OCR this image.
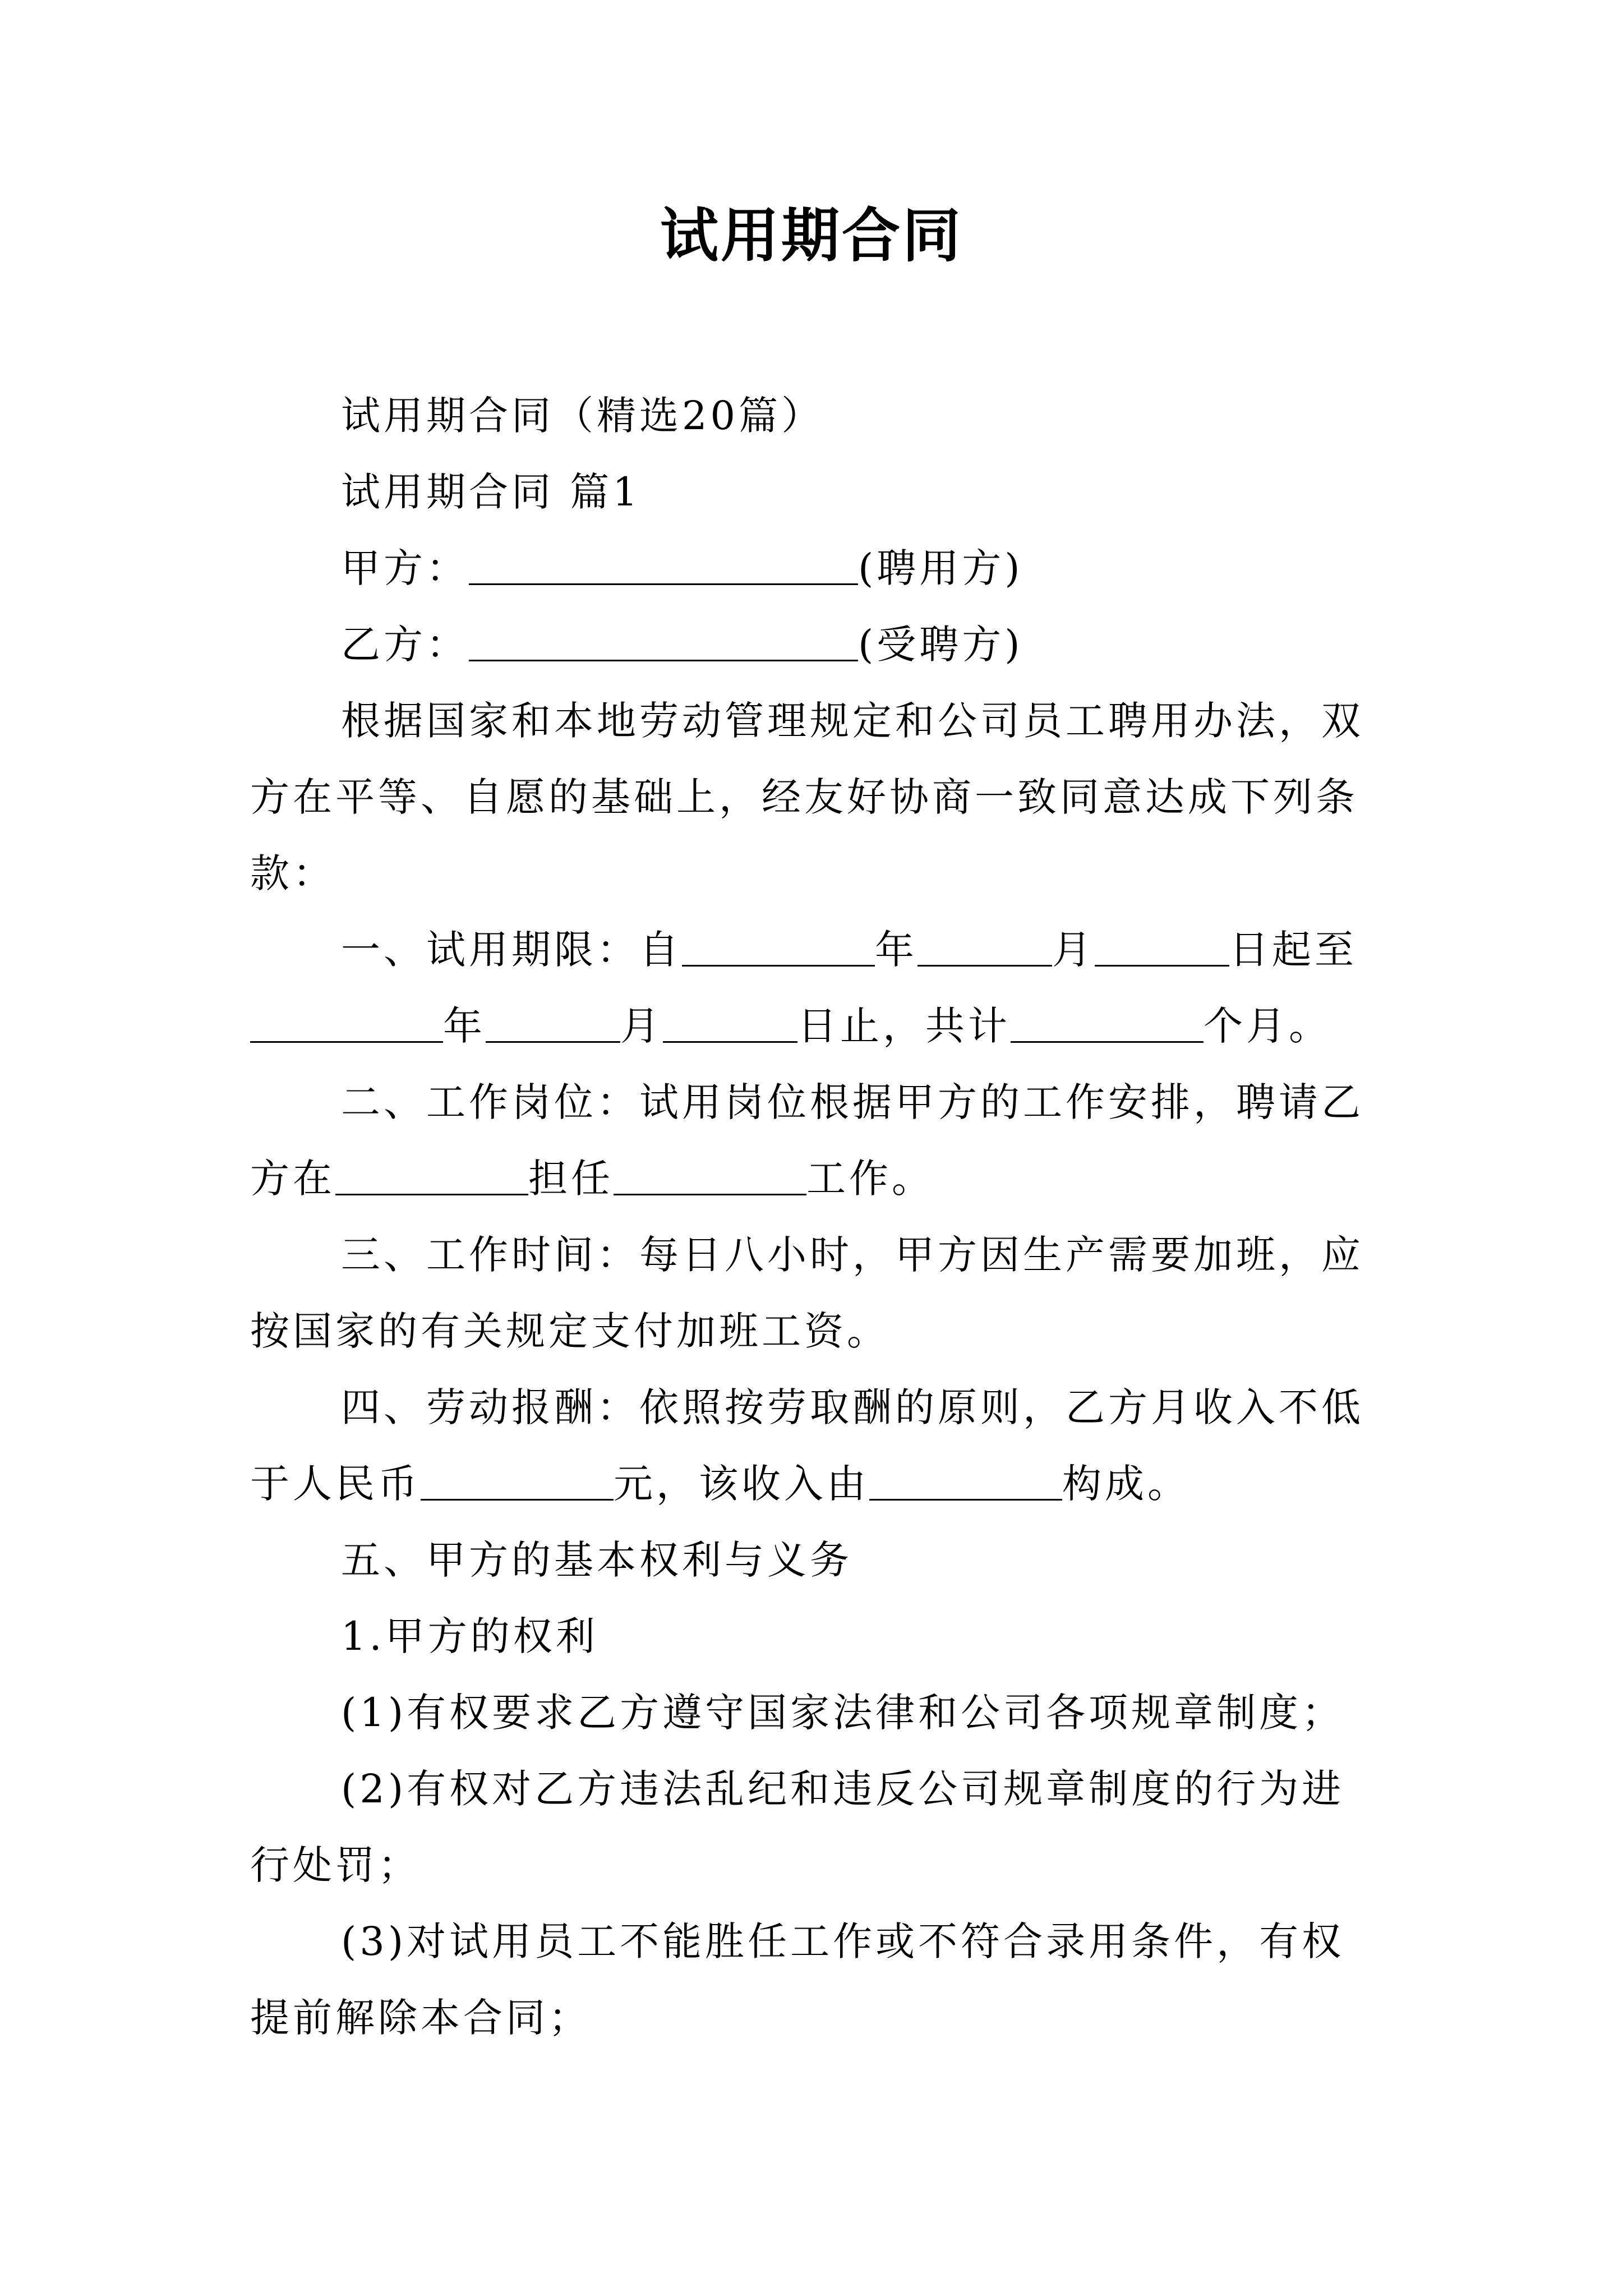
试用期合同

试用期合同（精选20篇）

试用期合同 篇1

甲方：	(聘用方)

乙方：	(受聘方)

根据国家和本地劳动管理规定和公司员工聘用办法，双方在平等、自愿的基础上，经友好协商一致同意达成下列条款：

一、试用期限：自	年	月	日起至年	月	日止，共计	个月。

二、工作岗位：试用岗位根据甲方的工作安排，聘请乙方在	担任	工作。

三、工作时间：每日八小时，甲方因生产需要加班，应按国家的有关规定支付加班工资。

四、劳动报酬：依照按劳取酬的原则，乙方月收入不低于人民币	元，该收入由	构成。

五、甲方的基本权利与义务

1.甲方的权利

(1)有权要求乙方遵守国家法律和公司各项规章制度；

(2)有权对乙方违法乱纪和违反公司规章制度的行为进行处罚；

(3)对试用员工不能胜任工作或不符合录用条件，有权提前解除本合同；
